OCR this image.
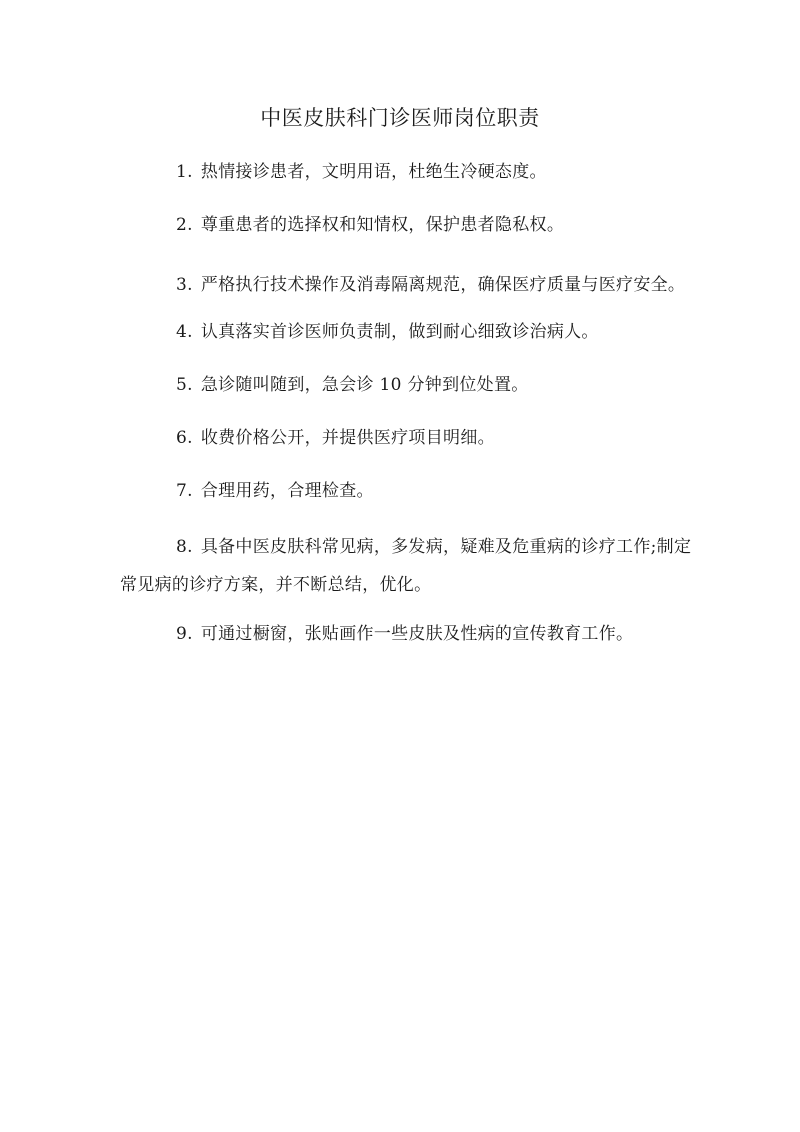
中医皮肤科门诊医师岗位职责

1. 热情接诊患者，文明用语，杜绝生冷硬态度。

2. 尊重患者的选择权和知情权，保护患者隐私权。

3. 严格执行技术操作及消毒隔离规范，确保医疗质量与医疗安全。

4. 认真落实首诊医师负责制，做到耐心细致诊治病人。

5. 急诊随叫随到，急会诊 10 分钟到位处置。

6. 收费价格公开，并提供医疗项目明细。

7. 合理用药，合理检查。

8. 具备中医皮肤科常见病，多发病，疑难及危重病的诊疗工作;制定常见病的诊疗方案，并不断总结，优化。

9. 可通过橱窗，张贴画作一些皮肤及性病的宣传教育工作。
